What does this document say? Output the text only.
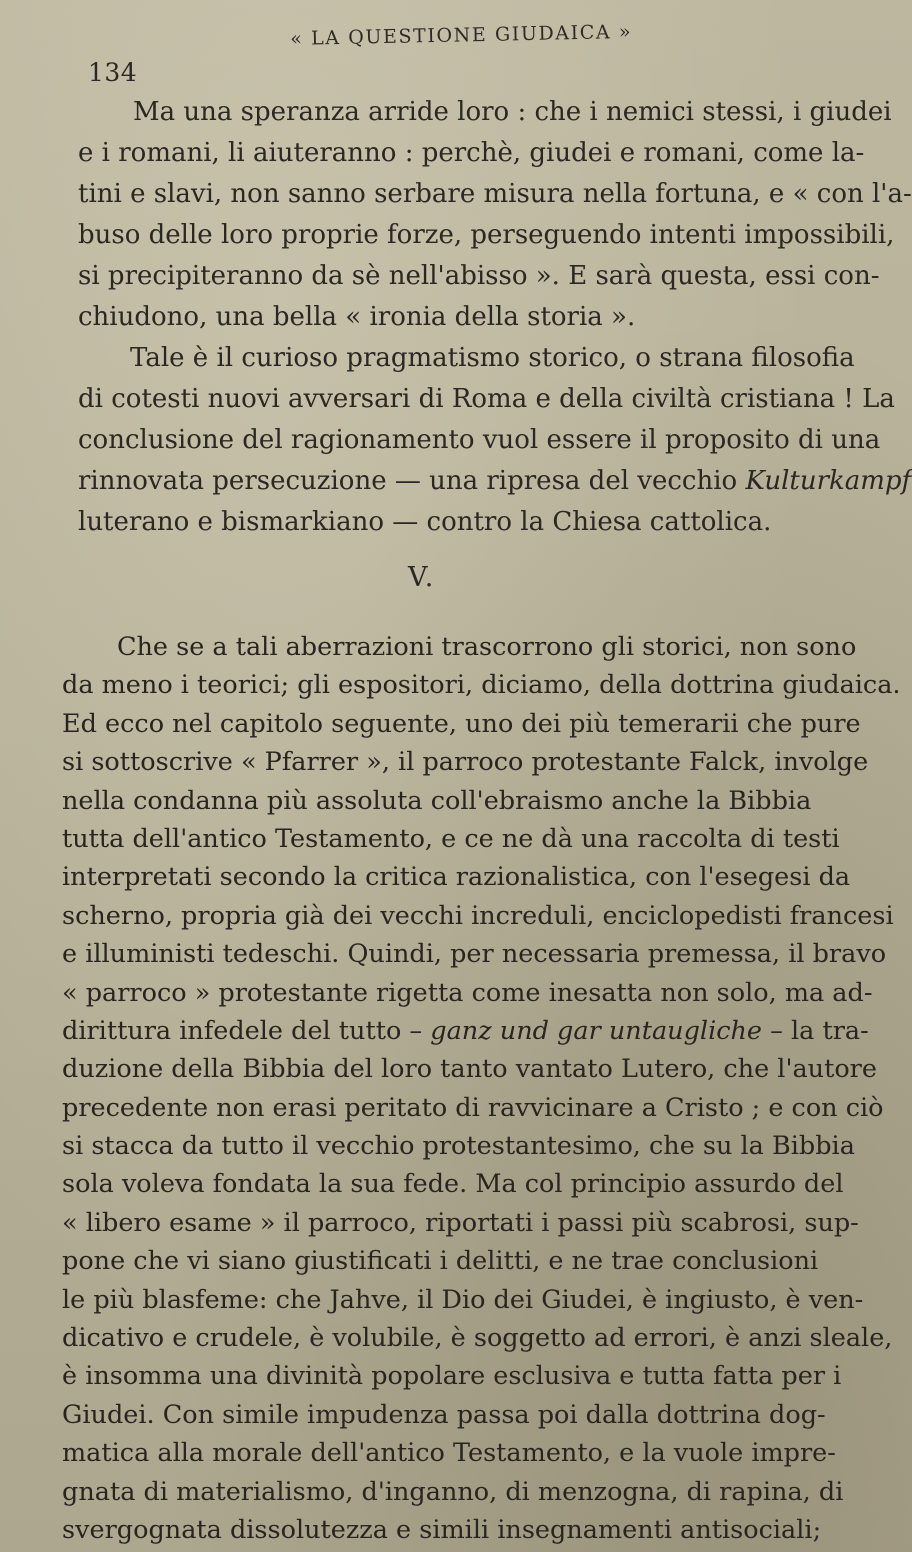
134
« LA QUESTIONE GIUDAICA »
Ma una speranza arride loro : che i nemici stessi, i giudei
e i romani, li aiuteranno : perchè, giudei e romani, come la-
tini e slavi, non sanno serbare misura nella fortuna, e « con l'a-
buso delle loro proprie forze, perseguendo intenti impossibili,
si precipiteranno da sè nell'abisso ». E sarà questa, essi con-
chiudono, una bella « ironia della storia ».
Tale è il curioso pragmatismo storico, o strana filosofia
di cotesti nuovi avversari di Roma e della civiltà cristiana ! La
conclusione del ragionamento vuol essere il proposito di una
rinnovata persecuzione — una ripresa del vecchio Kulturkampf
luterano e bismarkiano — contro la Chiesa cattolica.
V.
Che se a tali aberrazioni trascorrono gli storici, non sono
da meno i teorici; gli espositori, diciamo, della dottrina giudaica.
Ed ecco nel capitolo seguente, uno dei più temerarii che pure
si sottoscrive « Pfarrer », il parroco protestante Falck, involge
nella condanna più assoluta coll'ebraismo anche la Bibbia
tutta dell'antico Testamento, e ce ne dà una raccolta di testi
interpretati secondo la critica razionalistica, con l'esegesi da
scherno, propria già dei vecchi increduli, enciclopedisti francesi
e illuministi tedeschi. Quindi, per necessaria premessa, il bravo
« parroco » protestante rigetta come inesatta non solo, ma ad-
dirittura infedele del tutto – ganz und gar untaugliche – la tra-
duzione della Bibbia del loro tanto vantato Lutero, che l'autore
precedente non erasi peritato di ravvicinare a Cristo ; e con ciò
si stacca da tutto il vecchio protestantesimo, che su la Bibbia
sola voleva fondata la sua fede. Ma col principio assurdo del
« libero esame » il parroco, riportati i passi più scabrosi, sup-
pone che vi siano giustificati i delitti, e ne trae conclusioni
le più blasfeme: che Jahve, il Dio dei Giudei, è ingiusto, è ven-
dicativo e crudele, è volubile, è soggetto ad errori, è anzi sleale,
è insomma una divinità popolare esclusiva e tutta fatta per i
Giudei. Con simile impudenza passa poi dalla dottrina dog-
matica alla morale dell'antico Testamento, e la vuole impre-
gnata di materialismo, d'inganno, di menzogna, di rapina, di
svergognata dissolutezza e simili insegnamenti antisociali;
